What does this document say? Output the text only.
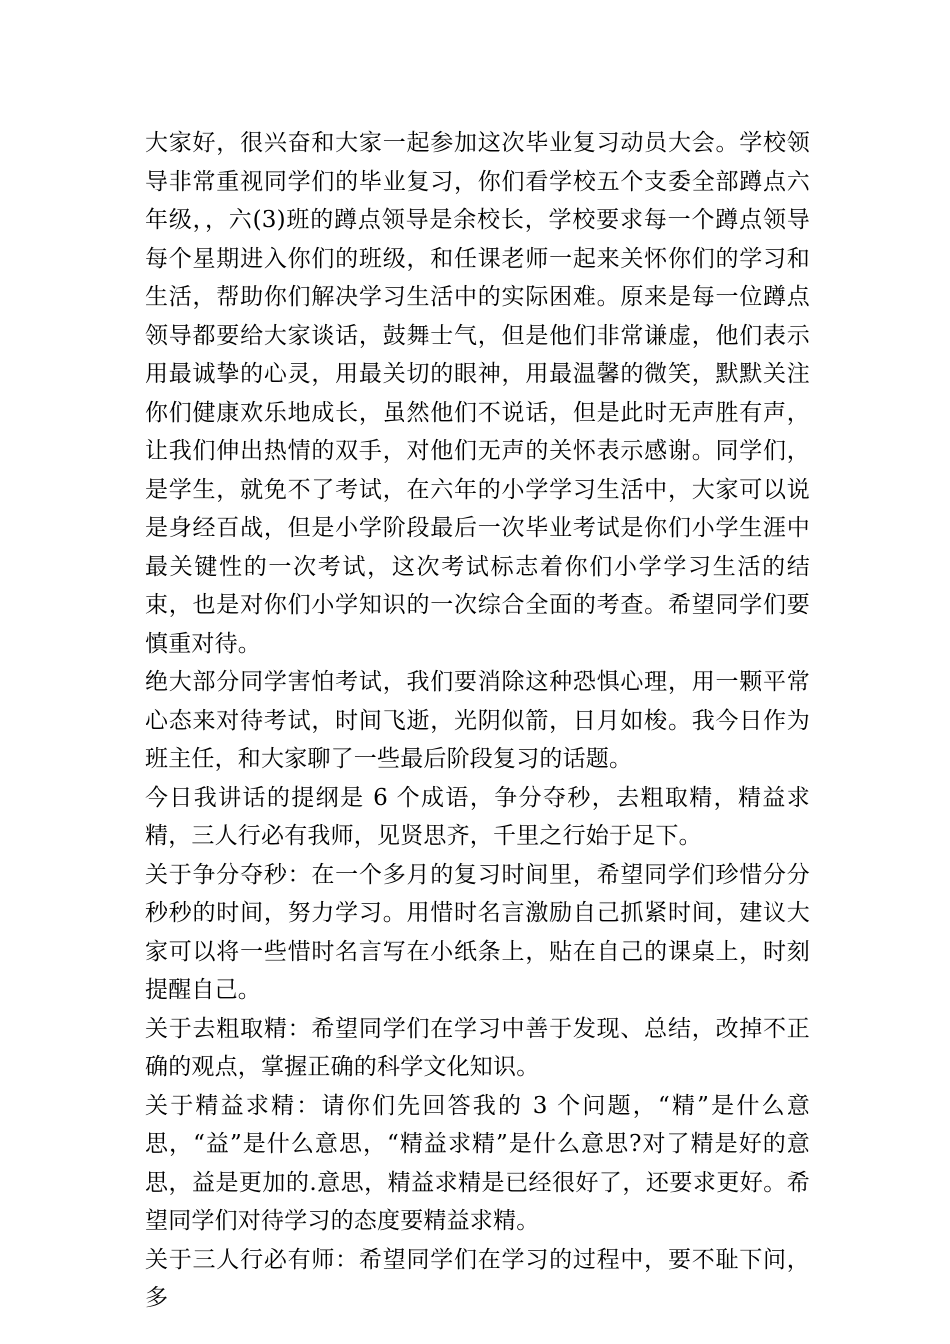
大家好，很兴奋和大家一起参加这次毕业复习动员大会。学校领导非常重视同学们的毕业复习，你们看学校五个支委全部蹲点六年级，，六(3)班的蹲点领导是余校长，学校要求每一个蹲点领导每个星期进入你们的班级，和任课老师一起来关怀你们的学习和生活，帮助你们解决学习生活中的实际困难。原来是每一位蹲点领导都要给大家谈话，鼓舞士气，但是他们非常谦虚，他们表示用最诚挚的心灵，用最关切的眼神，用最温馨的微笑，默默关注你们健康欢乐地成长，虽然他们不说话，但是此时无声胜有声，让我们伸出热情的双手，对他们无声的关怀表示感谢。同学们，是学生，就免不了考试，在六年的小学学习生活中，大家可以说是身经百战，但是小学阶段最后一次毕业考试是你们小学生涯中最关键性的一次考试，这次考试标志着你们小学学习生活的结束，也是对你们小学知识的一次综合全面的考查。希望同学们要慎重对待。

绝大部分同学害怕考试，我们要消除这种恐惧心理，用一颗平常心态来对待考试，时间飞逝，光阴似箭，日月如梭。我今日作为班主任，和大家聊了一些最后阶段复习的话题。

今日我讲话的提纲是 6 个成语，争分夺秒，去粗取精，精益求精，三人行必有我师，见贤思齐，千里之行始于足下。

关于争分夺秒：在一个多月的复习时间里，希望同学们珍惜分分秒秒的时间，努力学习。用惜时名言激励自己抓紧时间，建议大家可以将一些惜时名言写在小纸条上，贴在自己的课桌上，时刻提醒自己。

关于去粗取精：希望同学们在学习中善于发现、总结，改掉不正确的观点，掌握正确的科学文化知识。

关于精益求精：请你们先回答我的 3 个问题，“精”是什么意思，“益”是什么意思，“精益求精”是什么意思?对了精是好的意思，益是更加的.意思，精益求精是已经很好了，还要求更好。希望同学们对待学习的态度要精益求精。

关于三人行必有师：希望同学们在学习的过程中，要不耻下问，多
